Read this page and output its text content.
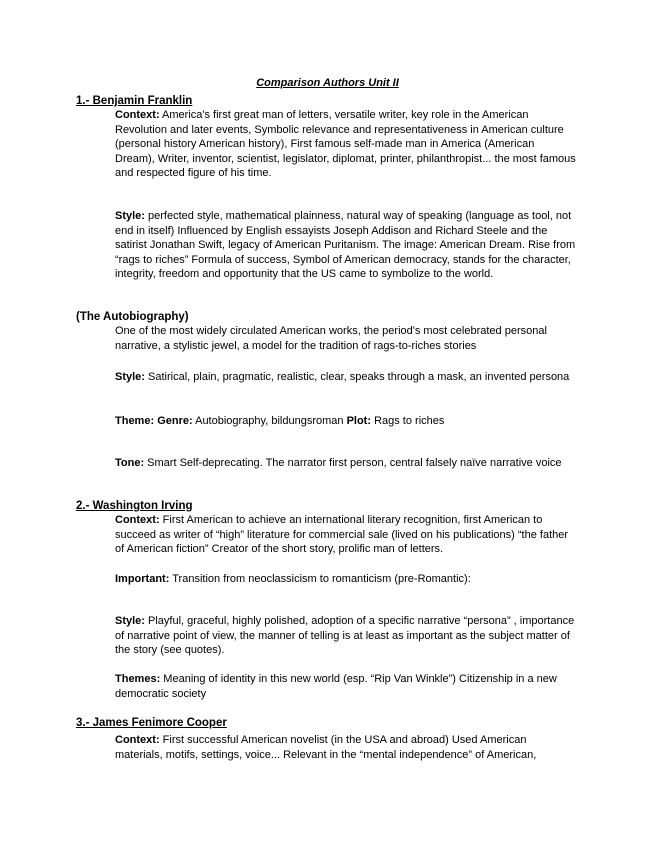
Comparison Authors Unit II
1.- Benjamin Franklin

Context: America's first great man of letters, versatile writer, key role in the American Revolution and later events, Symbolic relevance and representativeness in American culture (personal history American history), First famous self-made man in America (American Dream), Writer, inventor, scientist, legislator, diplomat, printer, philanthropist... the most famous and respected figure of his time.

Style: perfected style, mathematical plainness, natural way of speaking (language as tool, not end in itself) Influenced by English essayists Joseph Addison and Richard Steele and the satirist Jonathan Swift, legacy of American Puritanism. The image: American Dream. Rise from “rags to riches” Formula of success, Symbol of American democracy, stands for the character, integrity, freedom and opportunity that the US came to symbolize to the world.

(The Autobiography)

One of the most widely circulated American works, the period's most celebrated personal narrative, a stylistic jewel, a model for the tradition of rags-to-riches stories

Style: Satirical, plain, pragmatic, realistic, clear, speaks through a mask, an invented persona

Theme: Genre: Autobiography, bildungsroman Plot: Rags to riches

Tone: Smart Self-deprecating. The narrator first person, central falsely naïve narrative voice

2.- Washington Irving

Context: First American to achieve an international literary recognition, first American to succeed as writer of “high” literature for commercial sale (lived on his publications) “the father of American fiction” Creator of the short story, prolific man of letters.

Important: Transition from neoclassicism to romanticism (pre-Romantic):

Style: Playful, graceful, highly polished, adoption of a specific narrative “persona” , importance of narrative point of view, the manner of telling is at least as important as the subject matter of the story (see quotes).

Themes: Meaning of identity in this new world (esp. “Rip Van Winkle”) Citizenship in a new democratic society

3.- James Fenimore Cooper

Context: First successful American novelist (in the USA and abroad) Used American materials, motifs, settings, voice... Relevant in the “mental independence” of American,
